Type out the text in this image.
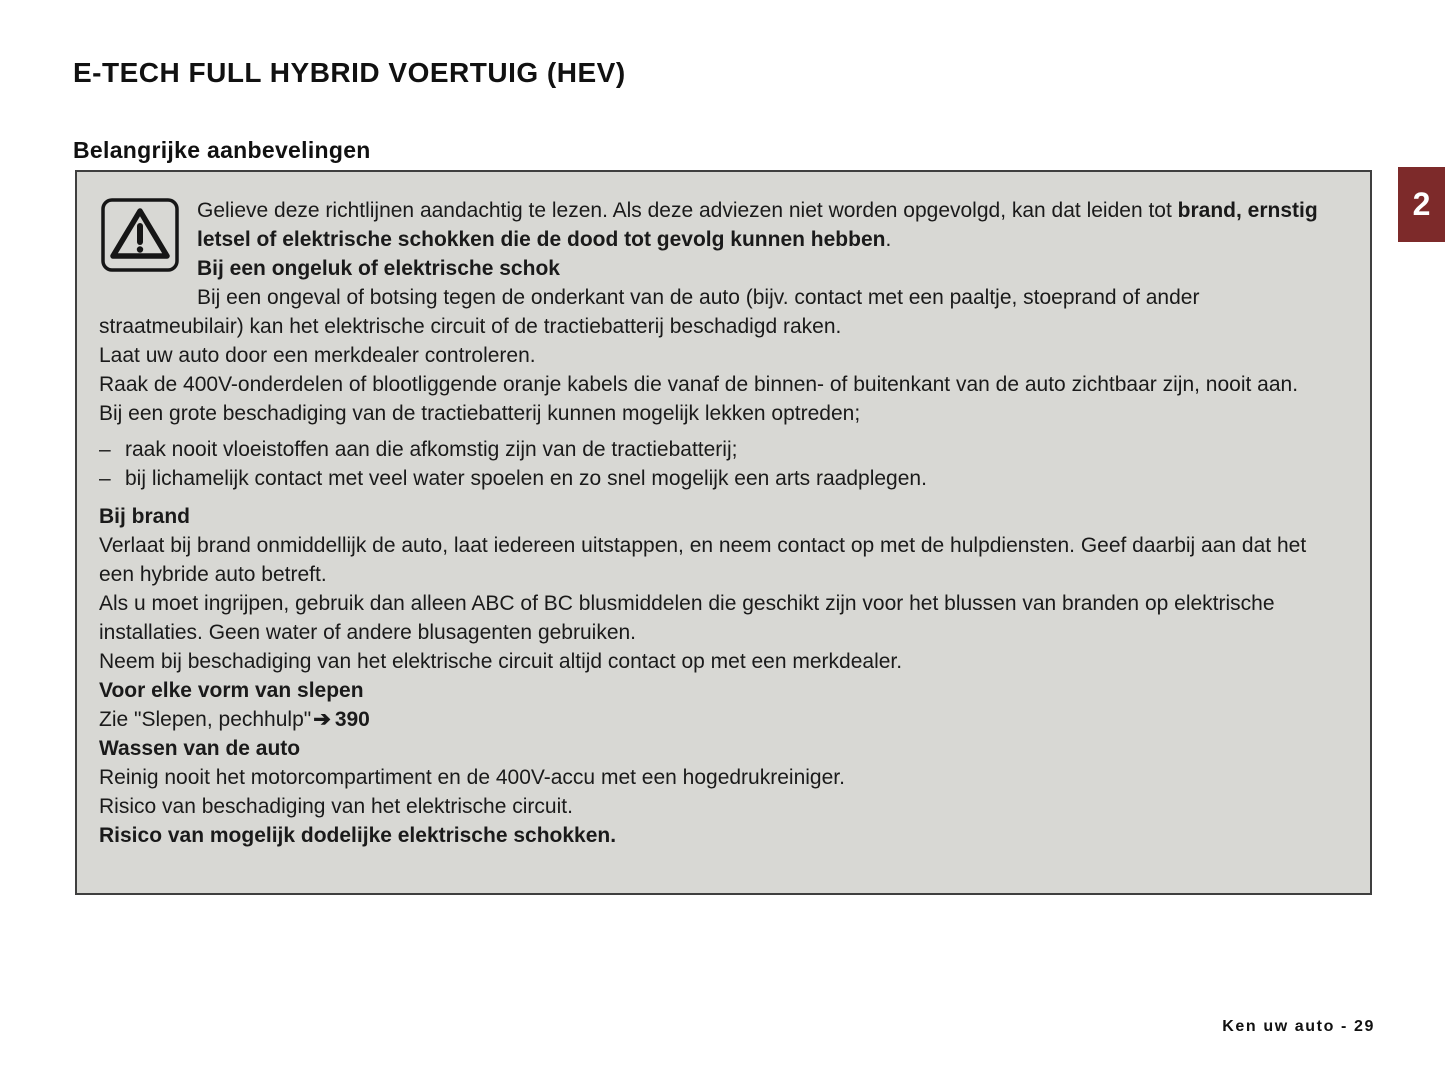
E-TECH FULL HYBRID VOERTUIG (HEV)
Belangrijke aanbevelingen
2

Gelieve deze richtlijnen aandachtig te lezen. Als deze adviezen niet worden opgevolgd, kan dat leiden tot brand, ernstig letsel of elektrische schokken die de dood tot gevolg kunnen hebben.

Bij een ongeluk of elektrische schok

Bij een ongeval of botsing tegen de onderkant van de auto (bijv. contact met een paaltje, stoeprand of ander straatmeubilair) kan het elektrische circuit of de tractiebatterij beschadigd raken.

Laat uw auto door een merkdealer controleren.

Raak de 400V-onderdelen of blootliggende oranje kabels die vanaf de binnen- of buitenkant van de auto zichtbaar zijn, nooit aan.

Bij een grote beschadiging van de tractiebatterij kunnen mogelijk lekken optreden;

– raak nooit vloeistoffen aan die afkomstig zijn van de tractiebatterij;
– bij lichamelijk contact met veel water spoelen en zo snel mogelijk een arts raadplegen.
Bij brand

Verlaat bij brand onmiddellijk de auto, laat iedereen uitstappen, en neem contact op met de hulpdiensten. Geef daarbij aan dat het een hybride auto betreft.

Als u moet ingrijpen, gebruik dan alleen ABC of BC blusmiddelen die geschikt zijn voor het blussen van branden op elektrische installaties. Geen water of andere blusagenten gebruiken.

Neem bij beschadiging van het elektrische circuit altijd contact op met een merkdealer.

Voor elke vorm van slepen

Zie "Slepen, pechhulp"➔ 390

Wassen van de auto

Reinig nooit het motorcompartiment en de 400V-accu met een hogedrukreiniger.

Risico van beschadiging van het elektrische circuit.

Risico van mogelijk dodelijke elektrische schokken.

Ken uw auto - 29
